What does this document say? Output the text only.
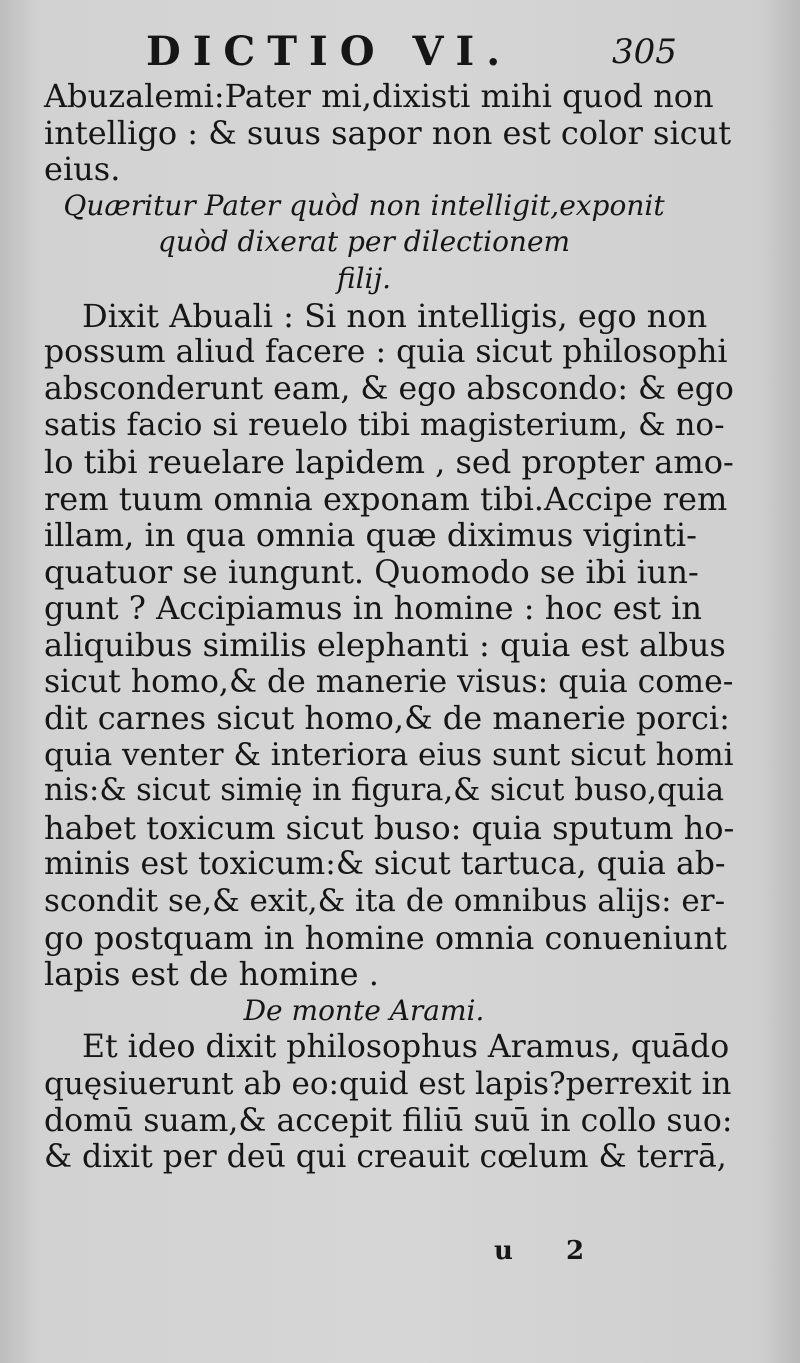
DICTIO VI.	305
Abuzalemi:Pater mi,dixisti mihi quod non
intelligo : & suus sapor non est color sicut
eius.
Quæritur Pater quòd non intelligit,exponit
quòd dixerat per dilectionem
filij.
Dixit Abuali : Si non intelligis, ego non
possum aliud facere : quia sicut philosophi
absconderunt eam, & ego abscondo: & ego
satis facio si reuelo tibi magisterium, & no-
lo tibi reuelare lapidem , sed propter amo-
rem tuum omnia exponam tibi.Accipe rem
illam, in qua omnia quæ diximus viginti-
quatuor se iungunt. Quomodo se ibi iun-
gunt ? Accipiamus in homine : hoc est in
aliquibus similis elephanti : quia est albus
sicut homo,& de manerie visus: quia come-
dit carnes sicut homo,& de manerie porci:
quia venter & interiora eius sunt sicut homi
nis:& sicut simię in figura,& sicut buso,quia
habet toxicum sicut buso: quia sputum ho-
minis est toxicum:& sicut tartuca, quia ab-
scondit se,& exit,& ita de omnibus alijs: er-
go postquam in homine omnia conueniunt
lapis est de homine .
De monte Arami.
Et ideo dixit philosophus Aramus, quādo
quęsiuerunt ab eo:quid est lapis?perrexit in
domū suam,& accepit filiū suū in collo suo:
& dixit per deū qui creauit cœlum & terrā,
u 2
